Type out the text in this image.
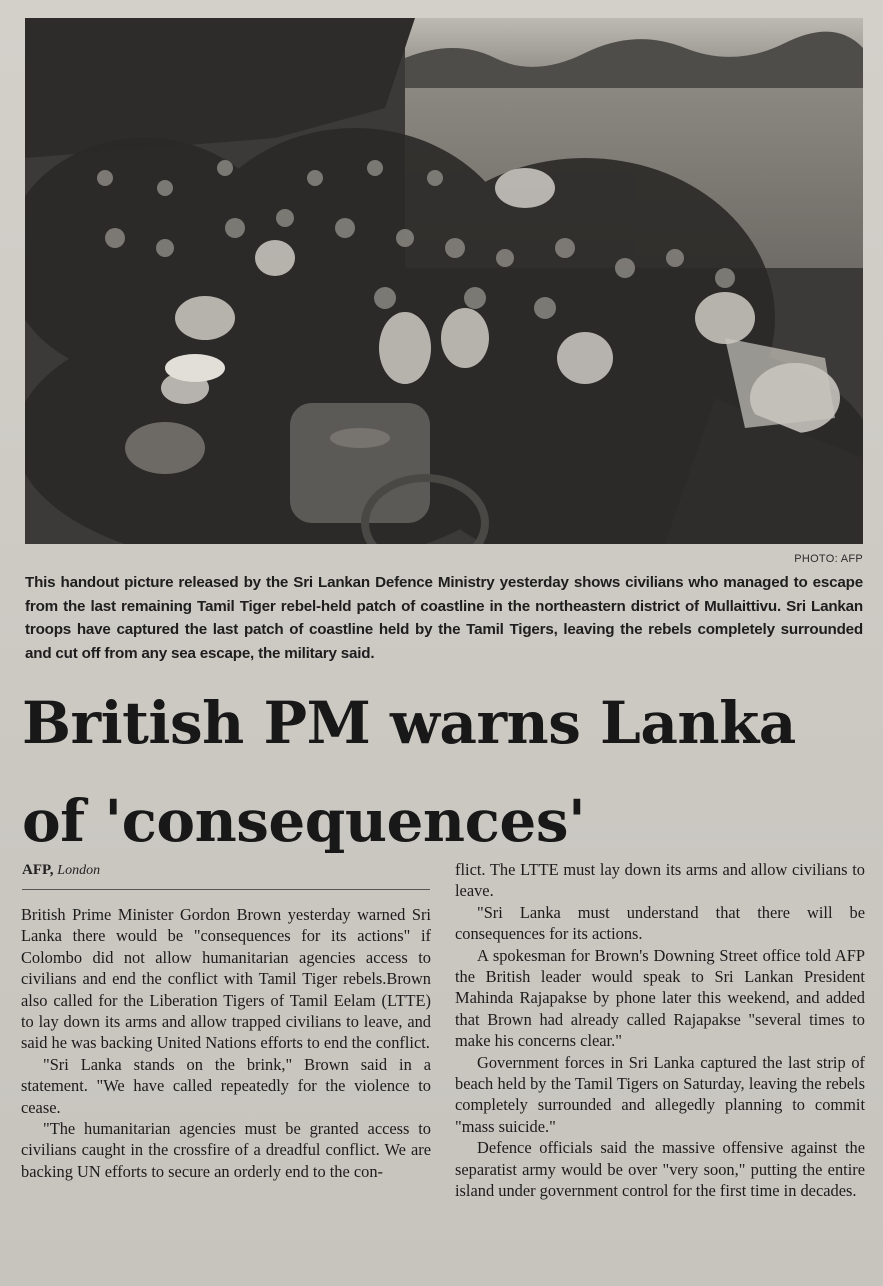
PHOTO: AFP
This handout picture released by the Sri Lankan Defence Ministry yesterday shows civilians who managed to escape from the last remaining Tamil Tiger rebel-held patch of coastline in the northeastern district of Mullaittivu. Sri Lankan troops have captured the last patch of coastline held by the Tamil Tigers, leaving the rebels completely surrounded and cut off from any sea escape, the military said.
British PM warns Lanka
of 'consequences'
AFP, London

British Prime Minister Gordon Brown yesterday warned Sri Lanka there would be "consequences for its actions" if Colombo did not allow humanitarian agencies access to civilians and end the conflict with Tamil Tiger rebels.Brown also called for the Liberation Tigers of Tamil Eelam (LTTE) to lay down its arms and allow trapped civilians to leave, and said he was backing United Nations efforts to end the conflict.

"Sri Lanka stands on the brink," Brown said in a statement. "We have called repeatedly for the violence to cease.

"The humanitarian agencies must be granted access to civilians caught in the crossfire of a dreadful conflict. We are backing UN efforts to secure an orderly end to the con-

flict. The LTTE must lay down its arms and allow civilians to leave.

"Sri Lanka must understand that there will be consequences for its actions.

A spokesman for Brown's Downing Street office told AFP the British leader would speak to Sri Lankan President Mahinda Rajapakse by phone later this weekend, and added that Brown had already called Rajapakse "several times to make his concerns clear."

Government forces in Sri Lanka captured the last strip of beach held by the Tamil Tigers on Saturday, leaving the rebels completely surrounded and allegedly planning to commit "mass suicide."

Defence officials said the massive offensive against the separatist army would be over "very soon," putting the entire island under government control for the first time in decades.
